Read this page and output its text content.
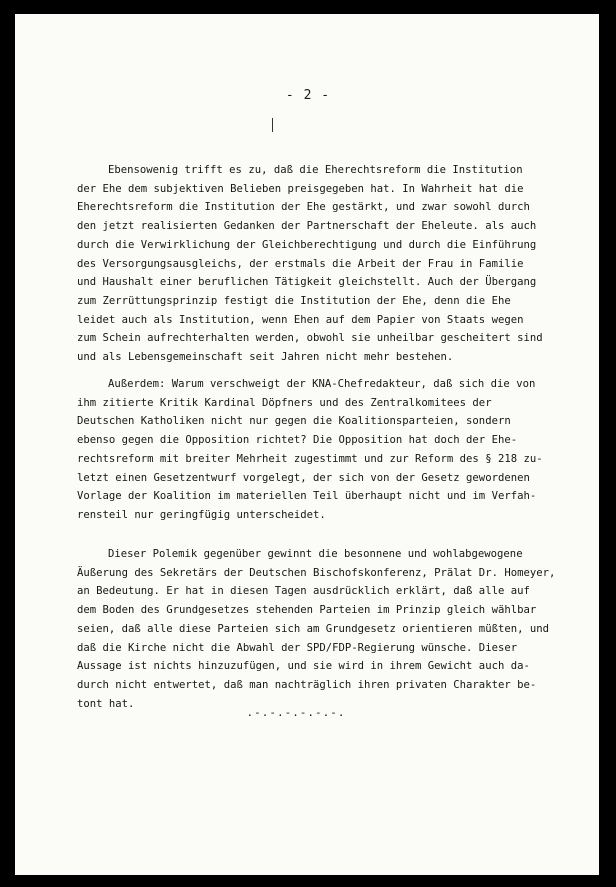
- 2 -

Ebensowenig trifft es zu, daß die Eherechtsreform die Institution
der Ehe dem subjektiven Belieben preisgegeben hat. In Wahrheit hat die
Eherechtsreform die Institution der Ehe gestärkt, und zwar sowohl durch
den jetzt realisierten Gedanken der Partnerschaft der Eheleute. als auch
durch die Verwirklichung der Gleichberechtigung und durch die Einführung
des Versorgungsausgleichs, der erstmals die Arbeit der Frau in Familie
und Haushalt einer beruflichen Tätigkeit gleichstellt. Auch der Übergang
zum Zerrüttungsprinzip festigt die Institution der Ehe, denn die Ehe
leidet auch als Institution, wenn Ehen auf dem Papier von Staats wegen
zum Schein aufrechterhalten werden, obwohl sie unheilbar gescheitert sind
und als Lebensgemeinschaft seit Jahren nicht mehr bestehen.

Außerdem: Warum verschweigt der KNA-Chefredakteur, daß sich die von
ihm zitierte Kritik Kardinal Döpfners und des Zentralkomitees der
Deutschen Katholiken nicht nur gegen die Koalitionsparteien, sondern
ebenso gegen die Opposition richtet? Die Opposition hat doch der Ehe-
rechtsreform mit breiter Mehrheit zugestimmt und zur Reform des § 218 zu-
letzt einen Gesetzentwurf vorgelegt, der sich von der Gesetz gewordenen
Vorlage der Koalition im materiellen Teil überhaupt nicht und im Verfah-
rensteil nur geringfügig unterscheidet.

Dieser Polemik gegenüber gewinnt die besonnene und wohlabgewogene
Äußerung des Sekretärs der Deutschen Bischofskonferenz, Prälat Dr. Homeyer,
an Bedeutung. Er hat in diesen Tagen ausdrücklich erklärt, daß alle auf
dem Boden des Grundgesetzes stehenden Parteien im Prinzip gleich wählbar
seien, daß alle diese Parteien sich am Grundgesetz orientieren müßten, und
daß die Kirche nicht die Abwahl der SPD/FDP-Regierung wünsche. Dieser
Aussage ist nichts hinzuzufügen, und sie wird in ihrem Gewicht auch da-
durch nicht entwertet, daß man nachträglich ihren privaten Charakter be-
tont hat.

.-.-.-.-.-.-.
